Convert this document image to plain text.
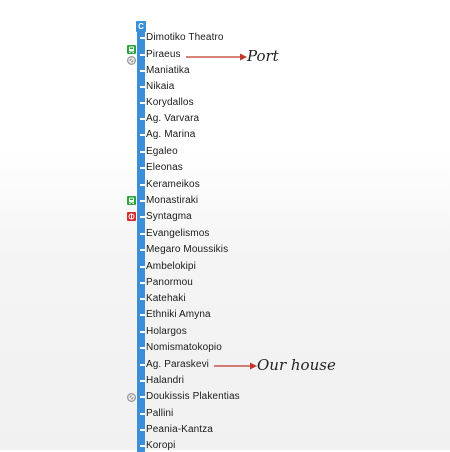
C
Dimotiko Theatro
Piraeus
Maniatika
Nikaia
Korydallos
Ag. Varvara
Ag. Marina
Egaleo
Eleonas
Kerameikos
Monastiraki
Syntagma
Evangelismos
Megaro Moussikis
Ambelokipi
Panormou
Katehaki
Ethniki Amyna
Holargos
Nomismatokopio
Ag. Paraskevi
Halandri
Doukissis Plakentias
Pallini
Peania-Kantza
Koropi
Port
Our house
